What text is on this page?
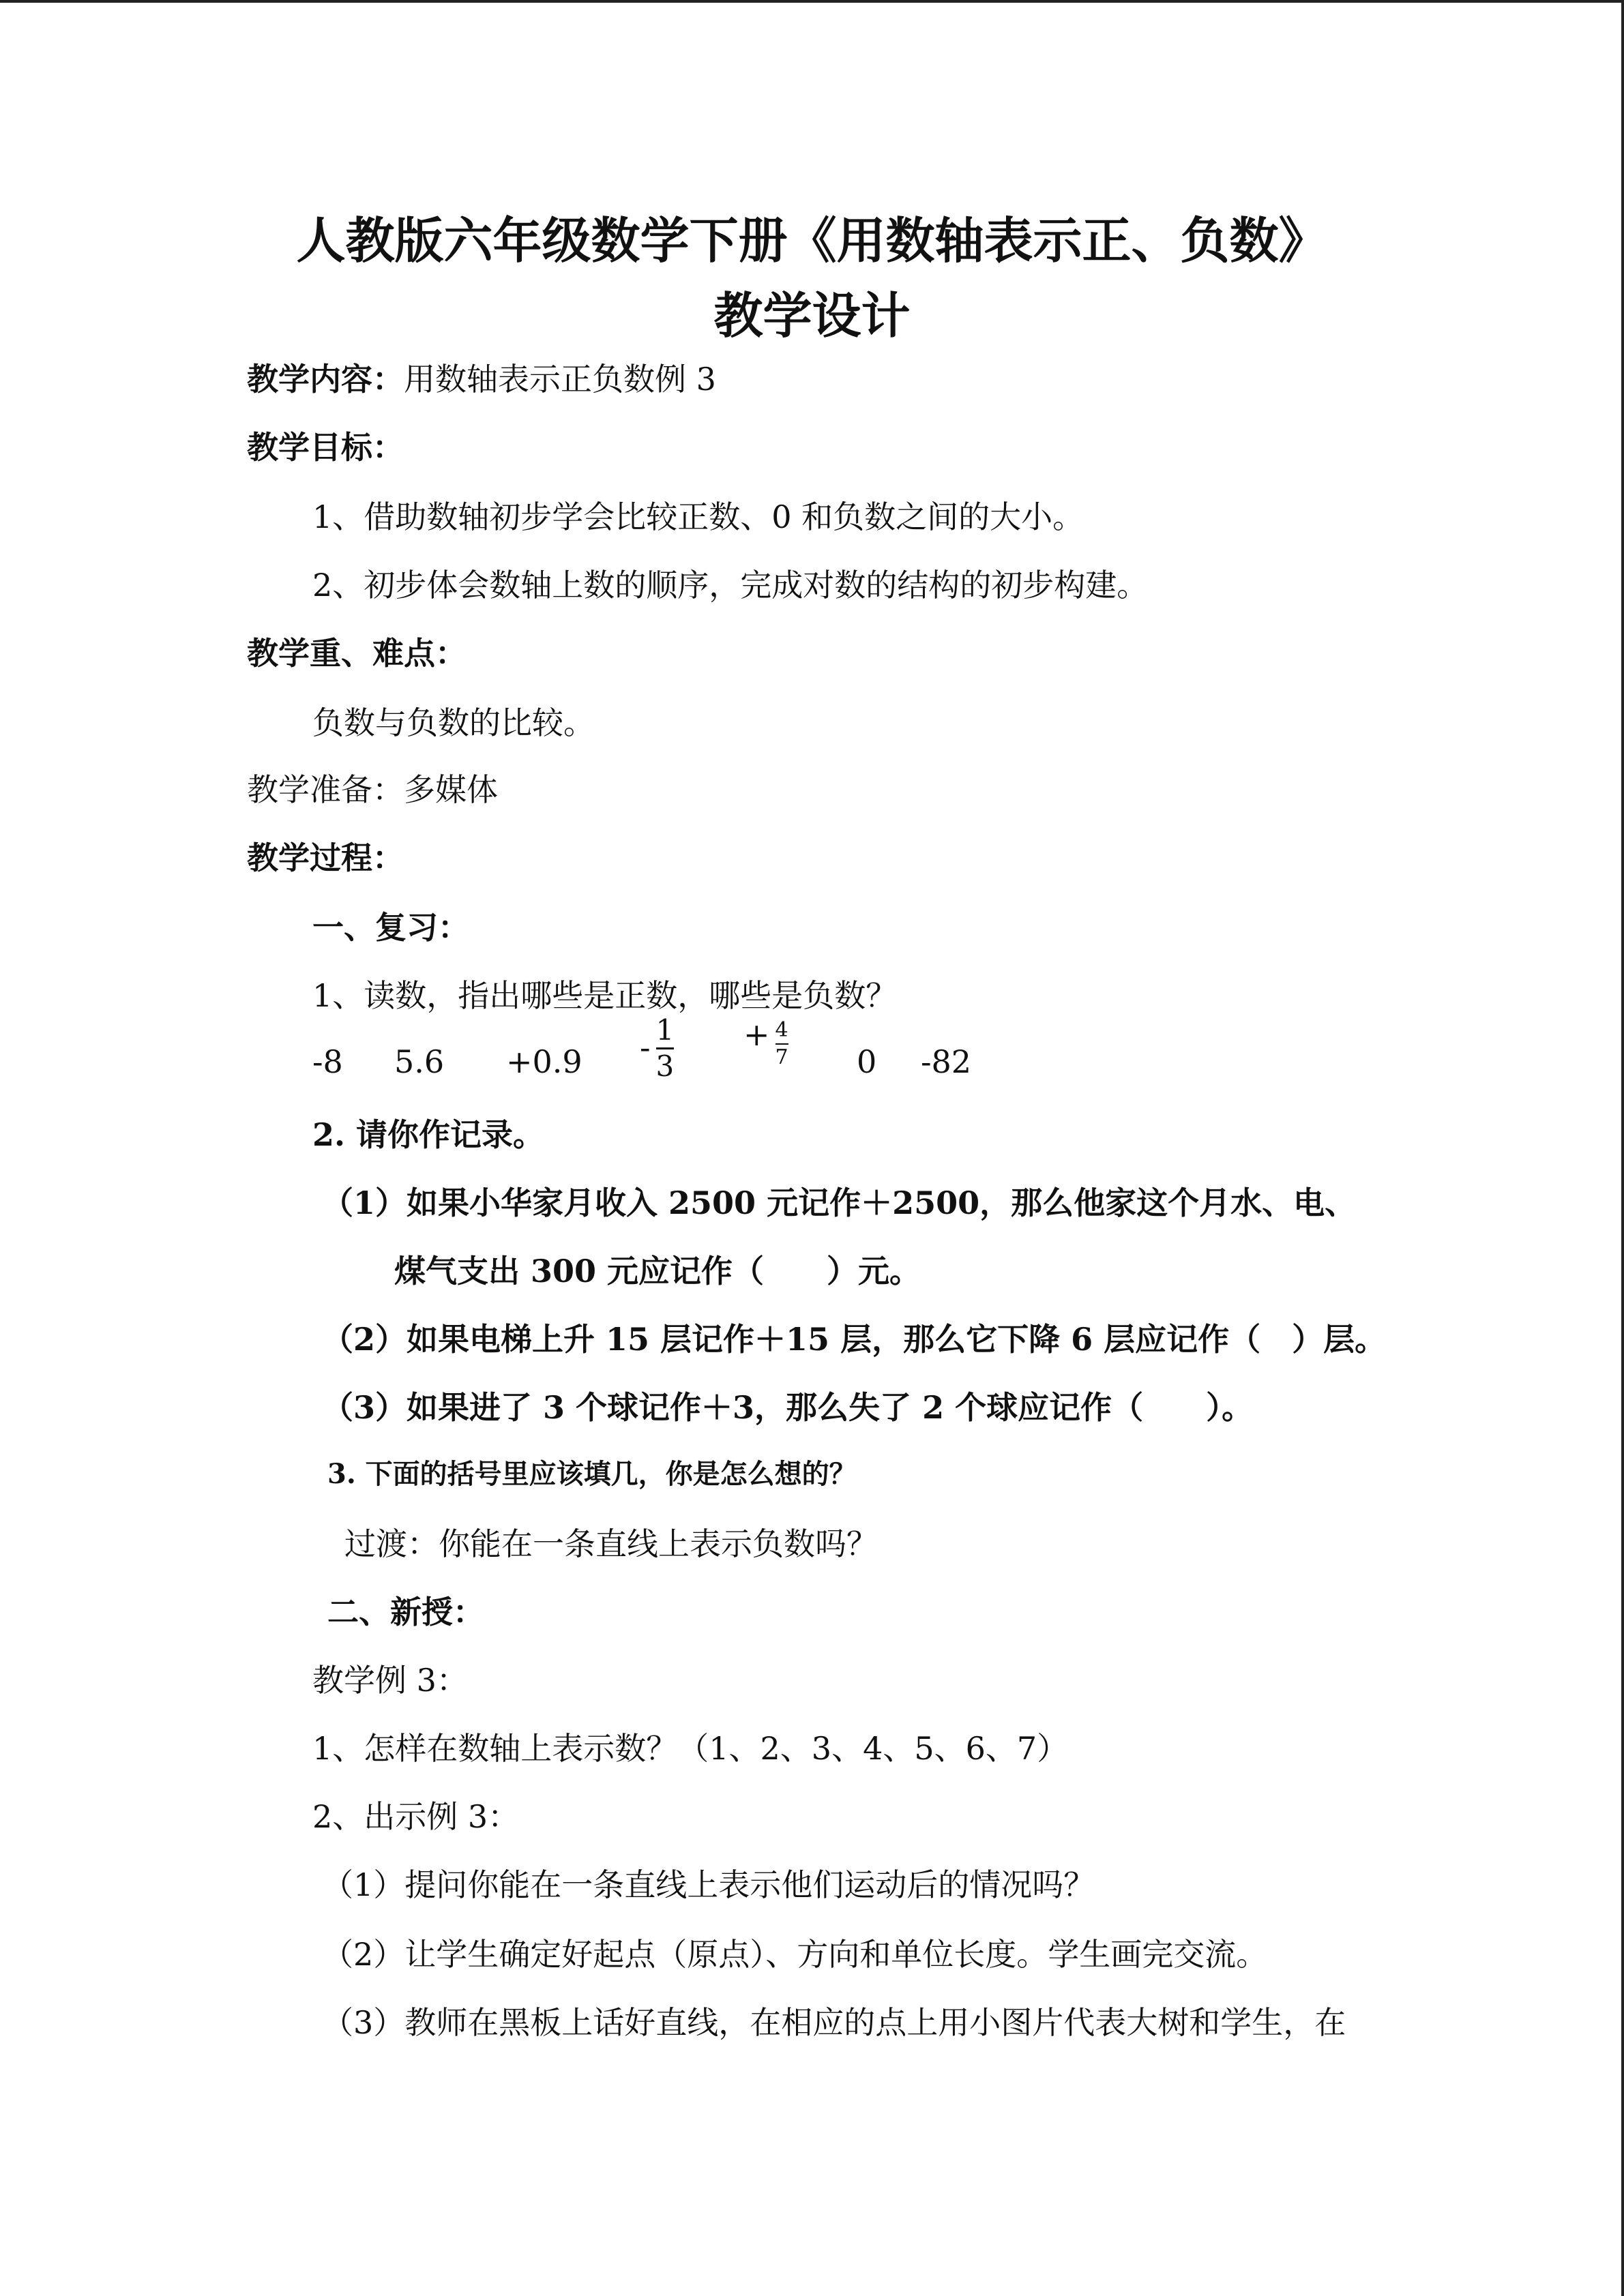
人教版六年级数学下册《用数轴表示正、负数》
教学设计
教学内容：用数轴表示正负数例 3
教学目标：
1、借助数轴初步学会比较正数、0 和负数之间的大小。
2、初步体会数轴上数的顺序，完成对数的结构的初步构建。
教学重、难点：
负数与负数的比较。
教学准备：多媒体
教学过程：
一、复习：
1、读数，指出哪些是正数，哪些是负数？
-8 5.6 +0.9 - 1
3
+ 4
7 0 -82
2. 请你作记录。
（1）如果小华家月收入 2500 元记作＋2500，那么他家这个月水、电、
煤气支出 300 元应记作（　　）元。
（2）如果电梯上升 15 层记作＋15 层，那么它下降 6 层应记作（　）层。
（3）如果进了 3 个球记作＋3，那么失了 2 个球应记作（　　）。
3. 下面的括号里应该填几，你是怎么想的？
过渡：你能在一条直线上表示负数吗？
二、新授：
教学例 3：
1、怎样在数轴上表示数？（1、2、3、4、5、6、7）
2、出示例 3：
（1）提问你能在一条直线上表示他们运动后的情况吗？
（2）让学生确定好起点（原点）、方向和单位长度。学生画完交流。
（3）教师在黑板上话好直线，在相应的点上用小图片代表大树和学生，在
